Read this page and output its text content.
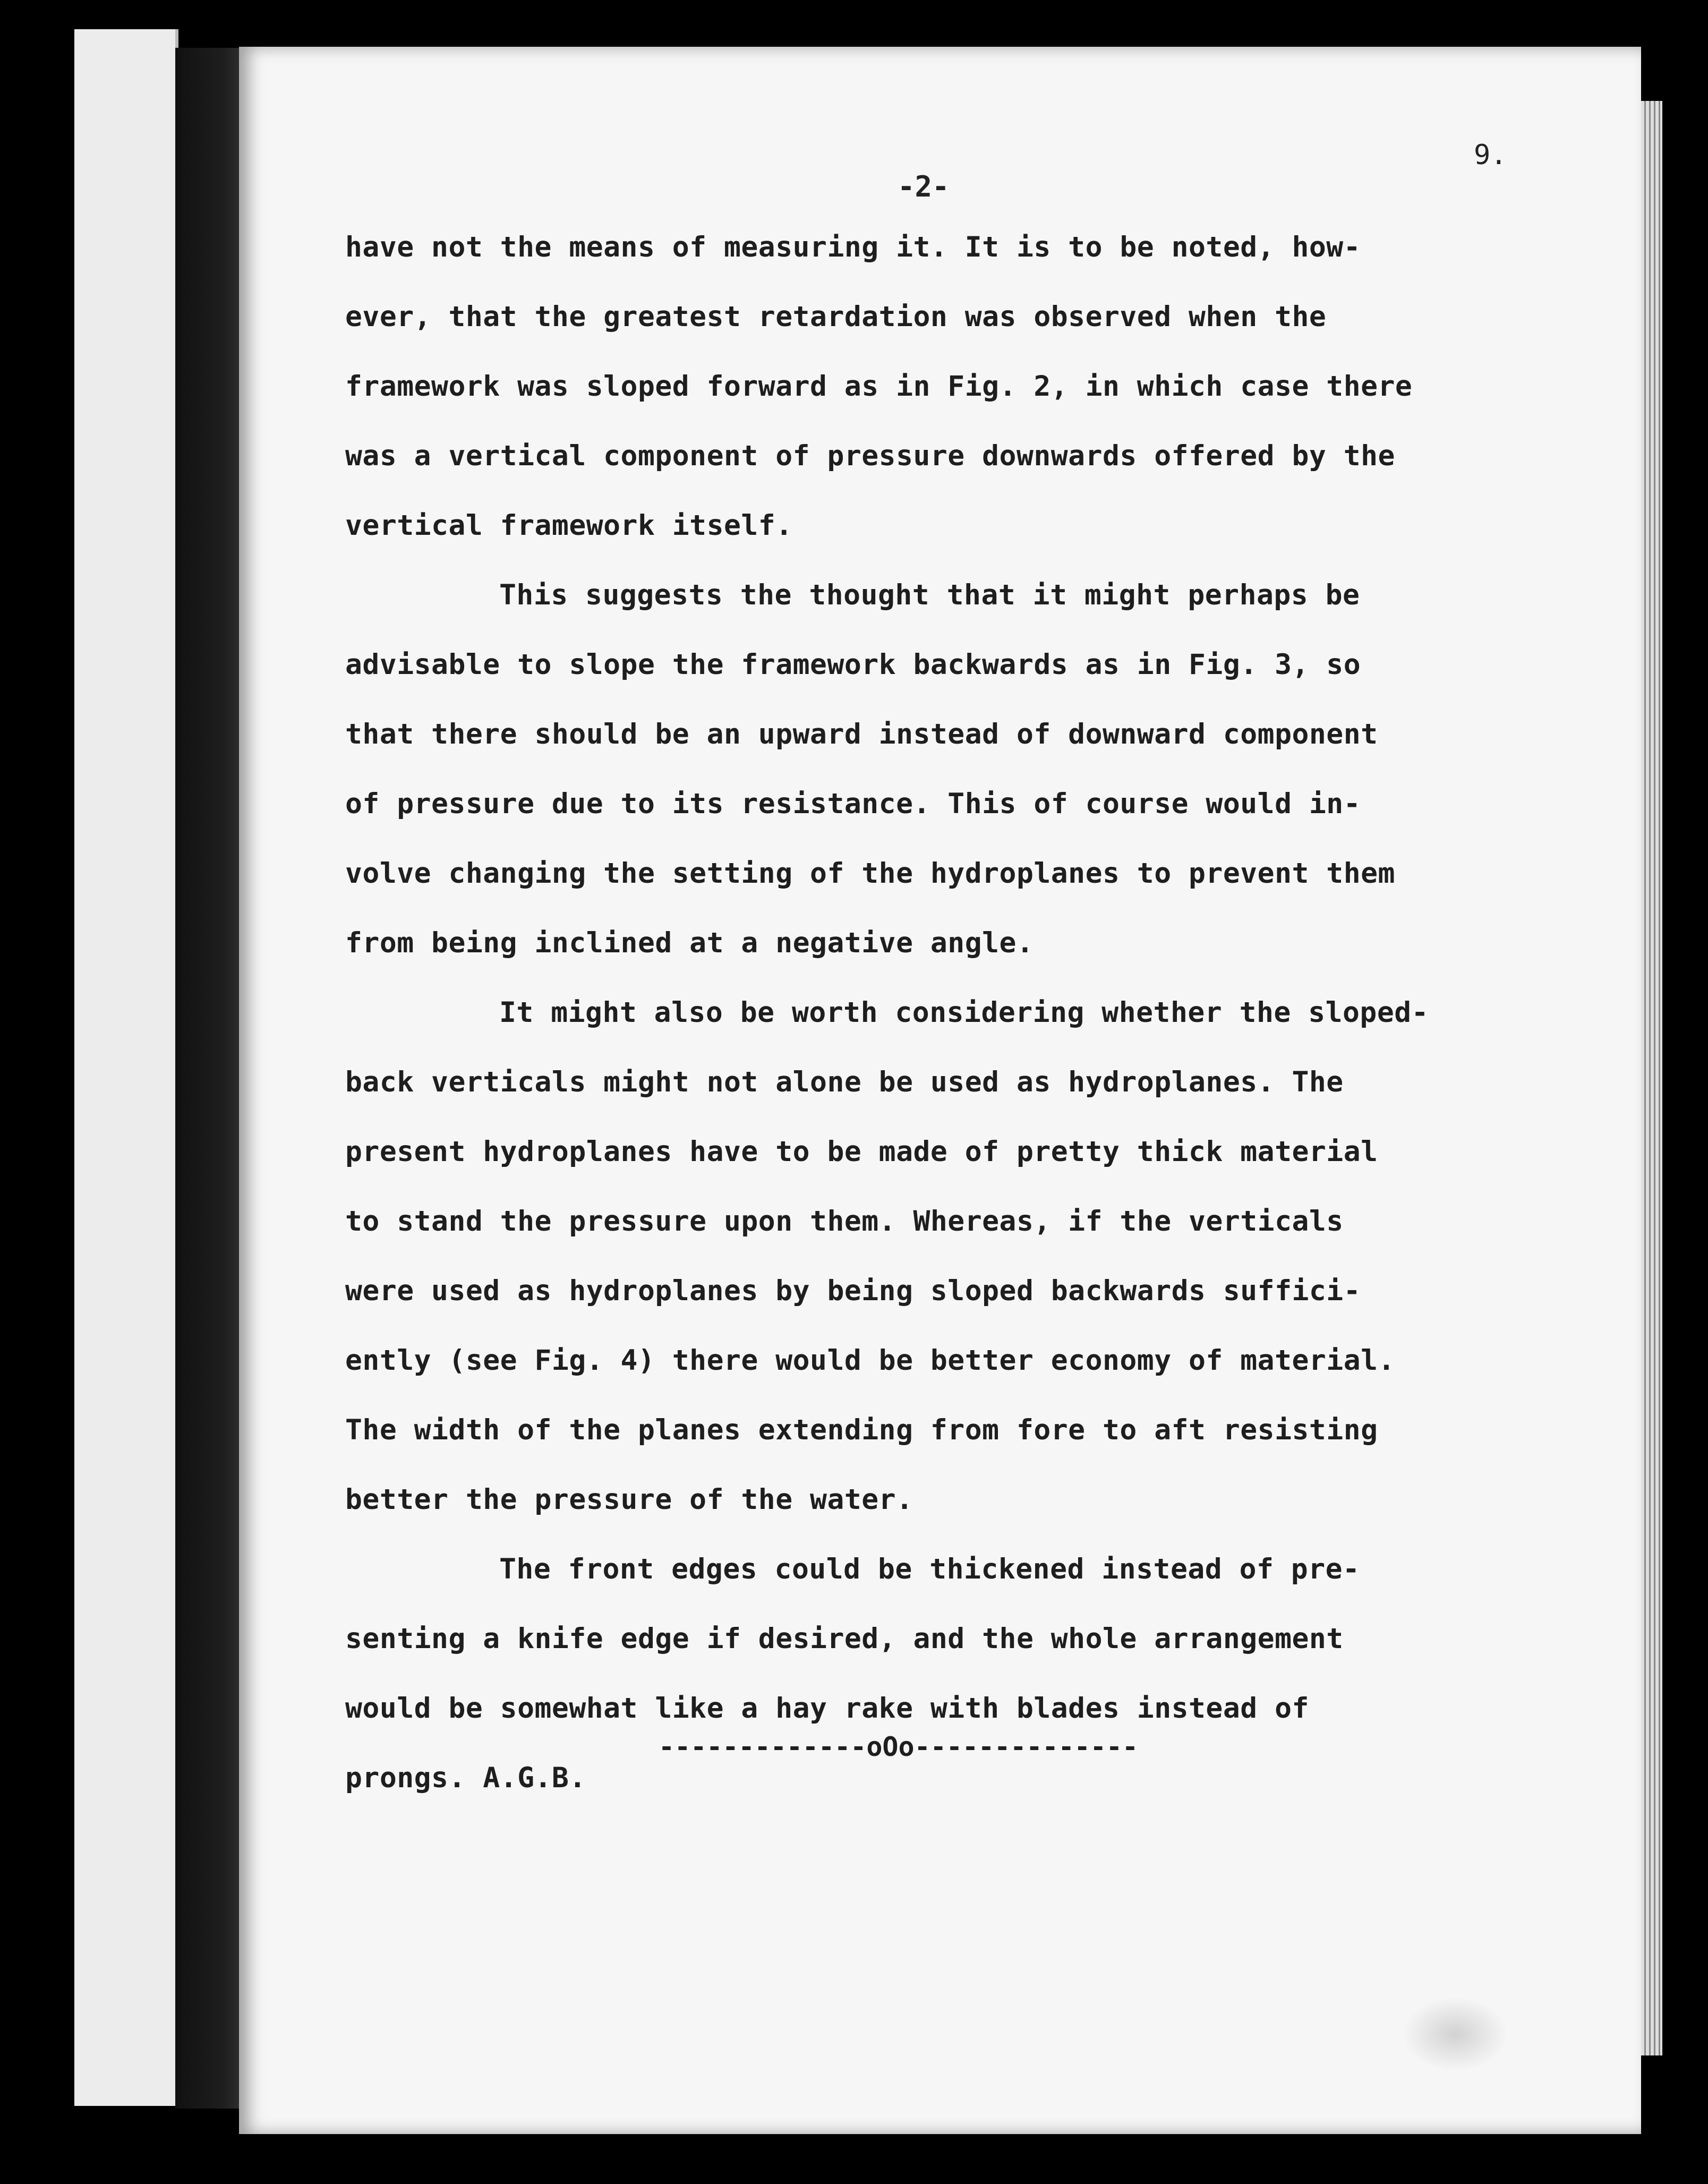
9.
-2-
have not the means of measuring it. It is to be noted, how-
ever, that the greatest retardation was observed when the
framework was sloped forward as in Fig. 2, in which case there
was a vertical component of pressure downwards offered by the
vertical framework itself.
This suggests the thought that it might perhaps be
advisable to slope the framework backwards as in Fig. 3, so
that there should be an upward instead of downward component
of pressure due to its resistance. This of course would in-
volve changing the setting of the hydroplanes to prevent them
from being inclined at a negative angle.
It might also be worth considering whether the sloped-
back verticals might not alone be used as hydroplanes. The
present hydroplanes have to be made of pretty thick material
to stand the pressure upon them. Whereas, if the verticals
were used as hydroplanes by being sloped backwards suffici-
ently (see Fig. 4) there would be better economy of material.
The width of the planes extending from fore to aft resisting
better the pressure of the water.
The front edges could be thickened instead of pre-
senting a knife edge if desired, and the whole arrangement
would be somewhat like a hay rake with blades instead of
prongs. A.G.B.
-------------oOo--------------
